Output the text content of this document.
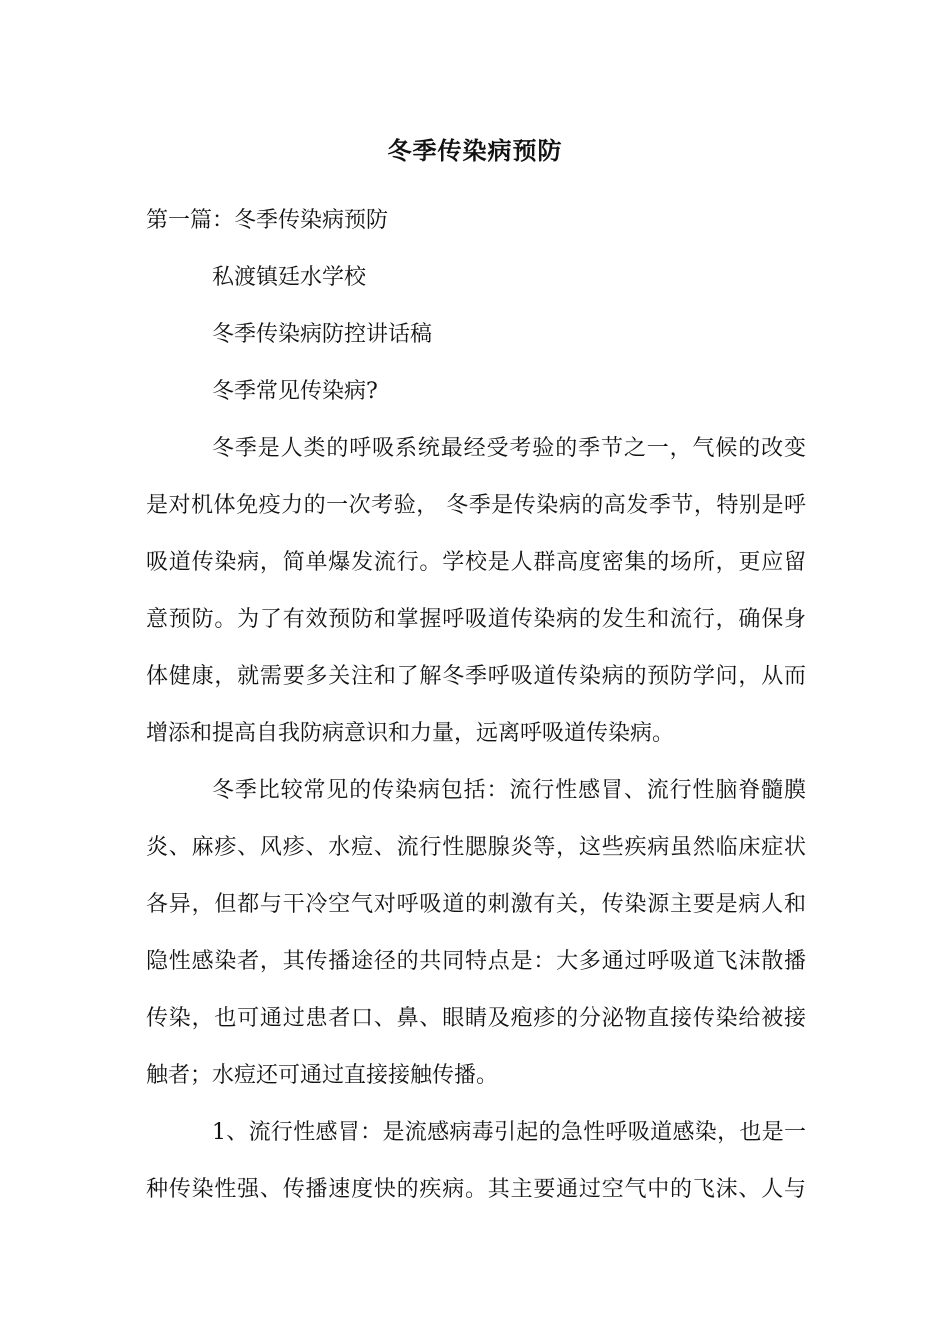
冬季传染病预防
第一篇：冬季传染病预防
私渡镇廷水学校
冬季传染病防控讲话稿
冬季常见传染病?
冬季是人类的呼吸系统最经受考验的季节之一，气候的改变
是对机体免疫力的一次考验， 冬季是传染病的高发季节，特别是呼
吸道传染病，简单爆发流行。学校是人群高度密集的场所，更应留
意预防。为了有效预防和掌握呼吸道传染病的发生和流行，确保身
体健康，就需要多关注和了解冬季呼吸道传染病的预防学问，从而
增添和提高自我防病意识和力量，远离呼吸道传染病。
冬季比较常见的传染病包括：流行性感冒、流行性脑脊髓膜
炎、麻疹、风疹、水痘、流行性腮腺炎等，这些疾病虽然临床症状
各异，但都与干冷空气对呼吸道的刺激有关，传染源主要是病人和
隐性感染者，其传播途径的共同特点是：大多通过呼吸道飞沫散播
传染，也可通过患者口、鼻、眼睛及疱疹的分泌物直接传染给被接
触者；水痘还可通过直接接触传播。
1、流行性感冒：是流感病毒引起的急性呼吸道感染，也是一
种传染性强、传播速度快的疾病。其主要通过空气中的飞沫、人与
